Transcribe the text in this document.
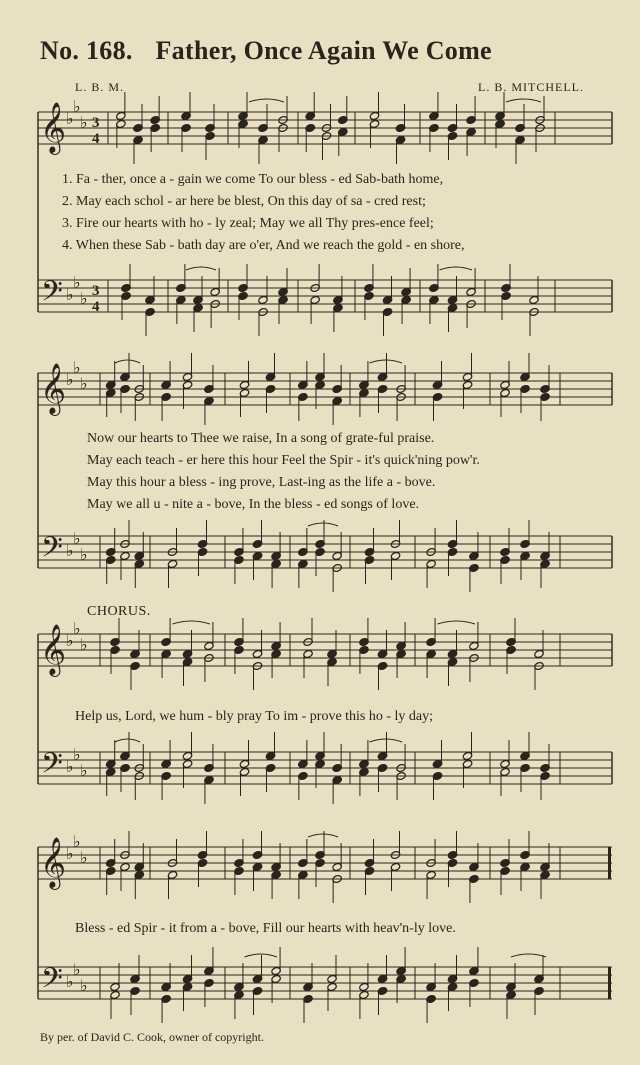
𝄞
𝄢
♭
♭
♭
♭
♭
♭
3
4
3
4
𝄞
𝄢
♭
♭
♭
♭
♭
♭
𝄞
𝄢
♭
♭
♭
♭
♭
♭
𝄞
𝄢
♭
♭
♭
♭
♭
♭
No. 168. Father, Once Again We Come
L. B. M.	L. B. MITCHELL.
1. Fa - ther, once a - gain we come To our bless - ed Sab-bath home,
2. May each schol - ar here be blest, On this day of sa - cred rest;
3. Fire our hearts with ho - ly zeal; May we all Thy pres-ence feel;
4. When these Sab - bath day are o'er, And we reach the gold - en shore,
Now our hearts to Thee we raise, In a song of grate-ful praise.
May each teach - er here this hour Feel the Spir - it's quick'ning pow'r.
May this hour a bless - ing prove, Last-ing as the life a - bove.
May we all u - nite a - bove, In the bless - ed songs of love.
CHORUS.
Help us, Lord, we hum - bly pray To im - prove this ho - ly day;
Bless - ed Spir - it from a - bove, Fill our hearts with heav'n-ly love.
By per. of David C. Cook, owner of copyright.
